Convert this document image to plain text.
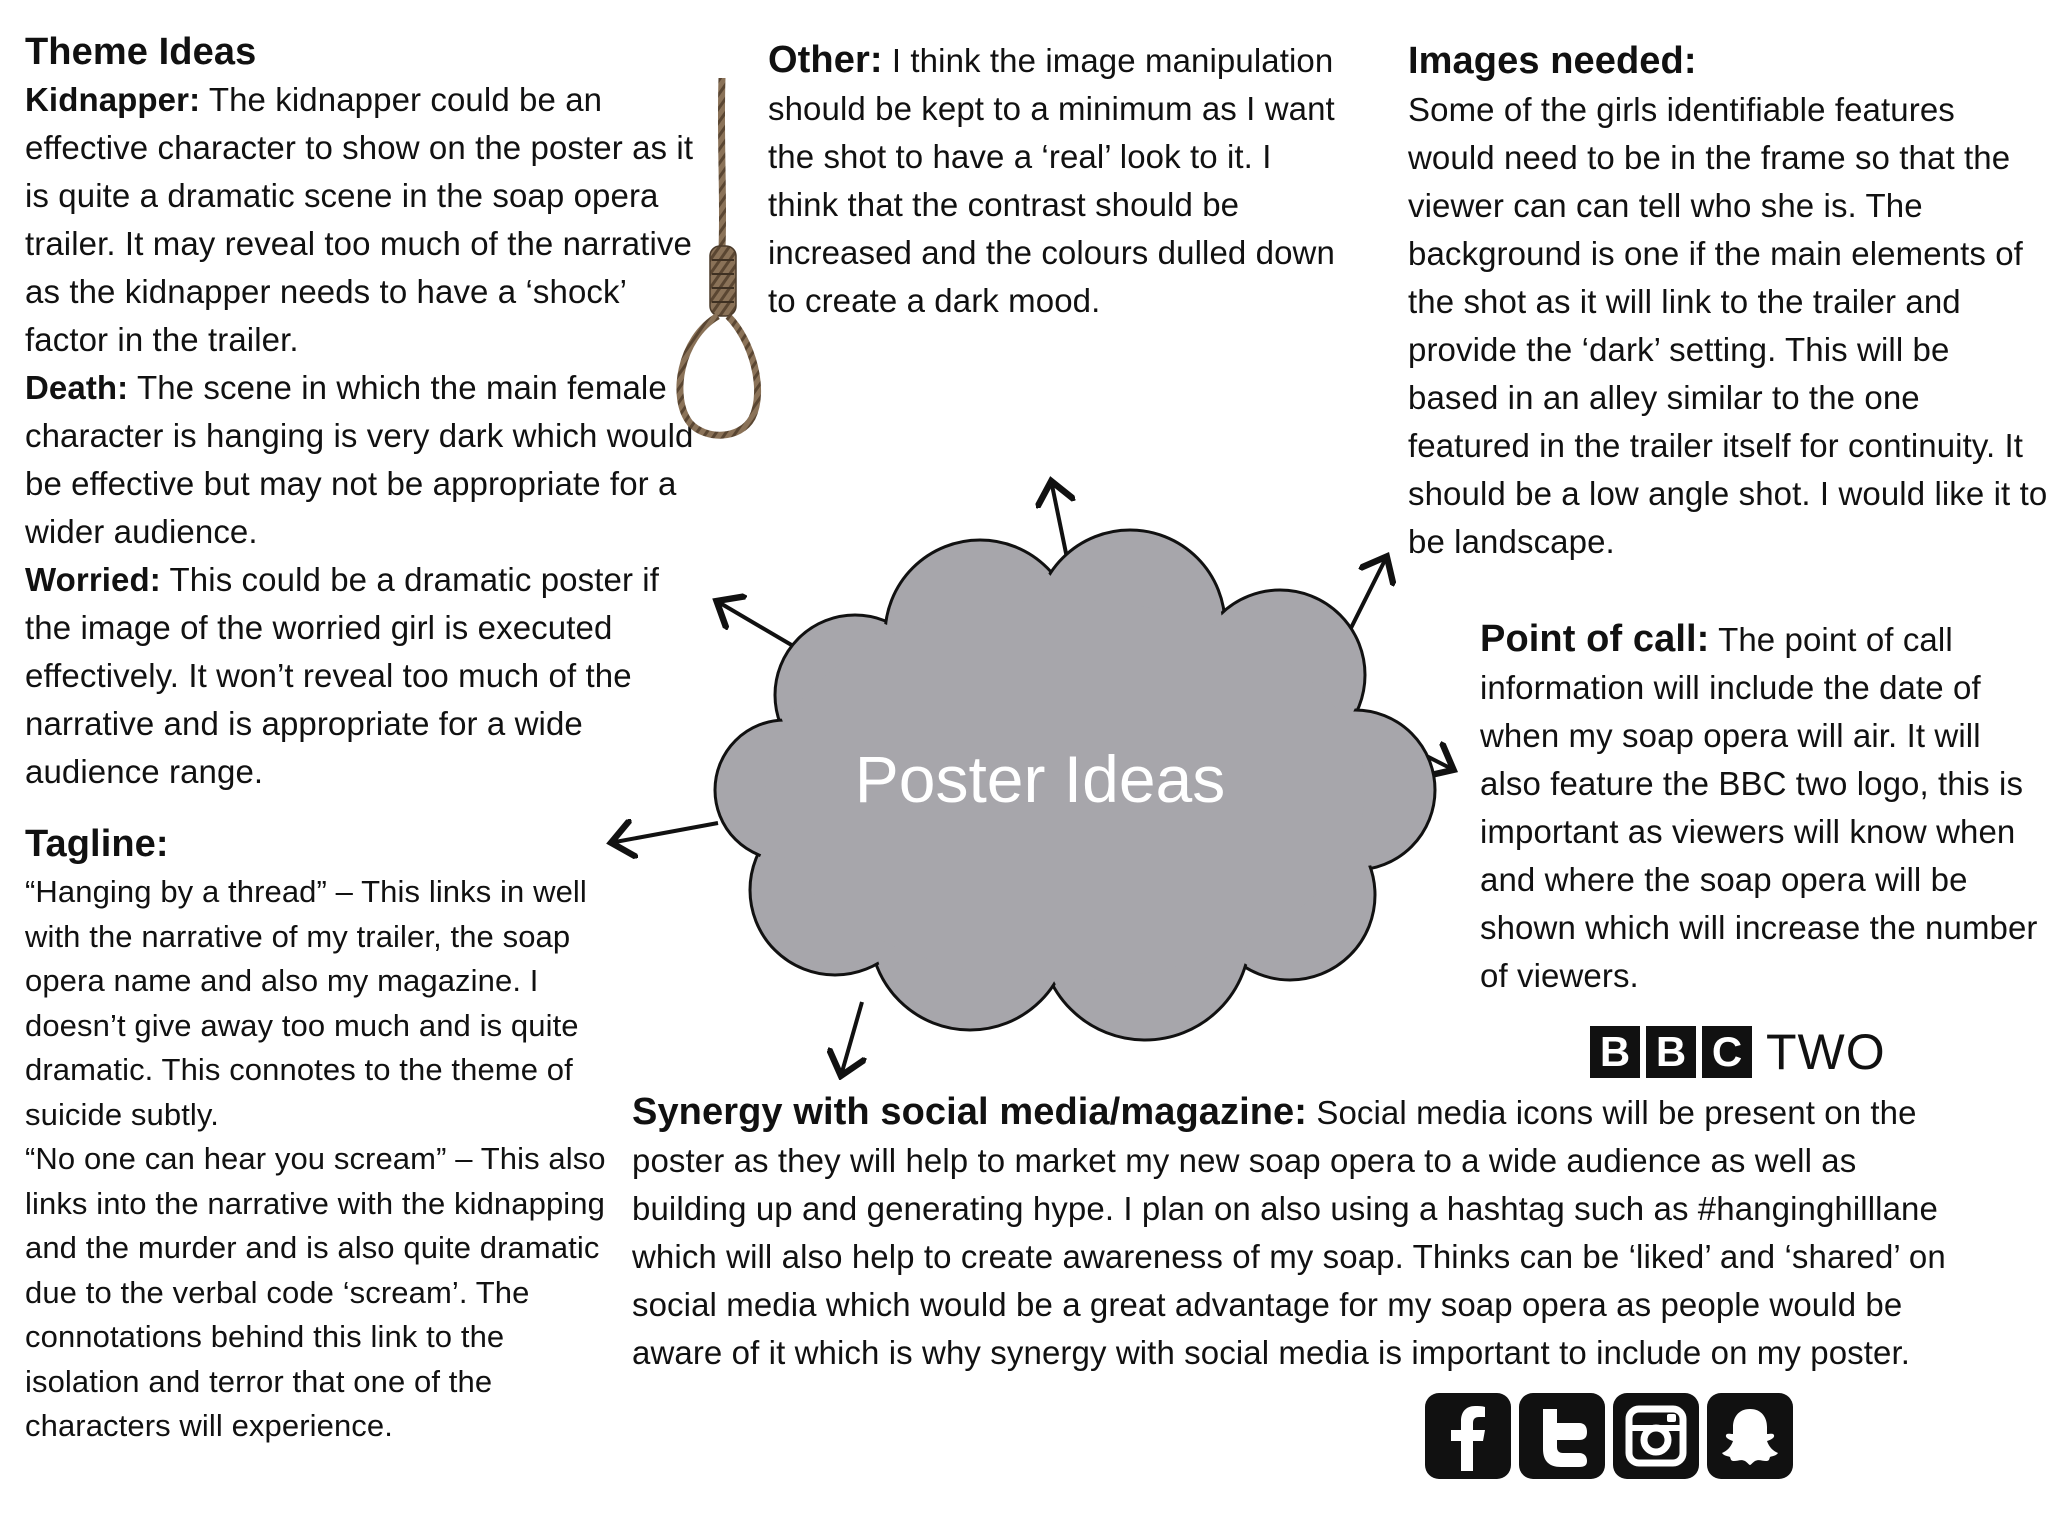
Theme Ideas
Kidnapper: The kidnapper could be an effective character to show on the poster as it is quite a dramatic scene in the soap opera trailer. It may reveal too much of the narrative as the kidnapper needs to have a ‘shock’ factor in the trailer.
Death: The scene in which the main female character is hanging is very dark which would be effective but may not be appropriate for a wider audience.
Worried: This could be a dramatic poster if the image of the worried girl is executed effectively. It won’t reveal too much of the narrative and is appropriate for a wide audience range.
Tagline:
“Hanging by a thread” – This links in well with the narrative of my trailer, the soap opera name and also my magazine. I doesn’t give away too much and is quite dramatic. This connotes to the theme of suicide subtly.
“No one can hear you scream” – This also links into the narrative with the kidnapping and the murder and is also quite dramatic due to the verbal code ‘scream’. The connotations behind this link to the isolation and terror that one of the characters will experience.
Other: I think the image manipulation should be kept to a minimum as I want the shot to have a ‘real’ look to it. I think that the contrast should be increased and the colours dulled down to create a dark mood.
Images needed:
Some of the girls identifiable features would need to be in the frame so that the viewer can can tell who she is. The background is one if the main elements of the shot as it will link to the trailer and provide the ‘dark’ setting. This will be based in an alley similar to the one featured in the trailer itself for continuity. It should be a low angle shot. I would like it to be landscape.
Poster Ideas
Point of call: The point of call information will include the date of when my soap opera will air. It will also feature the BBC two logo, this is important as viewers will know when and where the soap opera will be shown which will increase the number of viewers.
B B C TWO
Synergy with social media/magazine: Social media icons will be present on the poster as they will help to market my new soap opera to a wide audience as well as building up and generating hype. I plan on also using a hashtag such as #hanginghilllane which will also help to create awareness of my soap. Thinks can be ‘liked’ and ‘shared’ on social media which would be a great advantage for my soap opera as people would be aware of it which is why synergy with social media is important to include on my poster.
